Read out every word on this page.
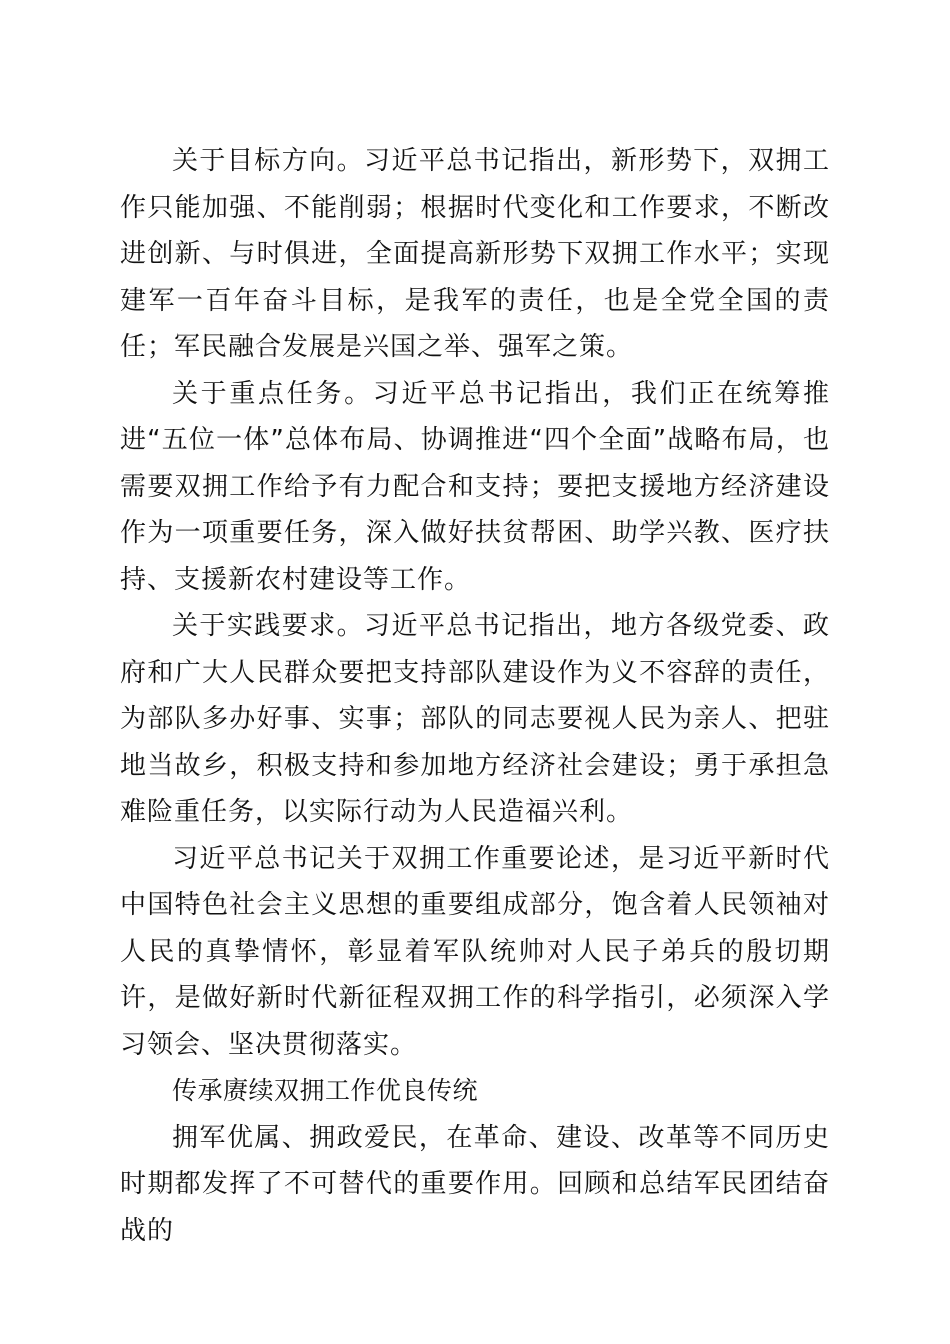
关于目标方向。习近平总书记指出，新形势下，双拥工作只能加强、不能削弱；根据时代变化和工作要求，不断改进创新、与时俱进，全面提高新形势下双拥工作水平；实现建军一百年奋斗目标，是我军的责任，也是全党全国的责任；军民融合发展是兴国之举、强军之策。

关于重点任务。习近平总书记指出，我们正在统筹推进“五位一体”总体布局、协调推进“四个全面”战略布局，也需要双拥工作给予有力配合和支持；要把支援地方经济建设作为一项重要任务，深入做好扶贫帮困、助学兴教、医疗扶持、支援新农村建设等工作。

关于实践要求。习近平总书记指出，地方各级党委、政府和广大人民群众要把支持部队建设作为义不容辞的责任，为部队多办好事、实事；部队的同志要视人民为亲人、把驻地当故乡，积极支持和参加地方经济社会建设；勇于承担急难险重任务，以实际行动为人民造福兴利。

习近平总书记关于双拥工作重要论述，是习近平新时代中国特色社会主义思想的重要组成部分，饱含着人民领袖对人民的真挚情怀，彰显着军队统帅对人民子弟兵的殷切期许，是做好新时代新征程双拥工作的科学指引，必须深入学习领会、坚决贯彻落实。

传承赓续双拥工作优良传统

拥军优属、拥政爱民，在革命、建设、改革等不同历史时期都发挥了不可替代的重要作用。回顾和总结军民团结奋战的
